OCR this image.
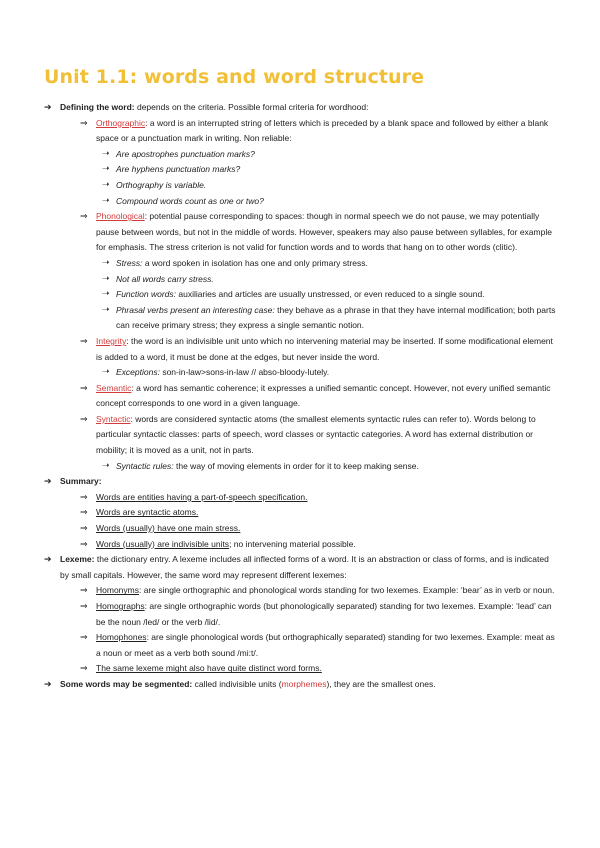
Unit 1.1: words and word structure
➔ Defining the word: depends on the criteria. Possible formal criteria for wordhood:
⇒ Orthographic: a word is an interrupted string of letters which is preceded by a blank space and followed by either a blank space or a punctuation mark in writing. Non reliable:
➝ Are apostrophes punctuation marks?
➝ Are hyphens punctuation marks?
➝ Orthography is variable.
➝ Compound words count as one or two?
⇒ Phonological: potential pause corresponding to spaces: though in normal speech we do not pause, we may potentially pause between words, but not in the middle of words. However, speakers may also pause between syllables, for example for emphasis. The stress criterion is not valid for function words and to words that hang on to other words (clitic).
➝ Stress: a word spoken in isolation has one and only primary stress.
➝ Not all words carry stress.
➝ Function words: auxiliaries and articles are usually unstressed, or even reduced to a single sound.
➝ Phrasal verbs present an interesting case: they behave as a phrase in that they have internal modification; both parts can receive primary stress; they express a single semantic notion.
⇒ Integrity: the word is an indivisible unit unto which no intervening material may be inserted. If some modificational element is added to a word, it must be done at the edges, but never inside the word.
➝ Exceptions: son-in-law>sons-in-law // abso-bloody-lutely.
⇒ Semantic: a word has semantic coherence; it expresses a unified semantic concept. However, not every unified semantic concept corresponds to one word in a given language.
⇒ Syntactic: words are considered syntactic atoms (the smallest elements syntactic rules can refer to). Words belong to particular syntactic classes: parts of speech, word classes or syntactic categories. A word has external distribution or mobility; it is moved as a unit, not in parts.
➝ Syntactic rules: the way of moving elements in order for it to keep making sense.
➔ Summary:
⇒ Words are entities having a part-of-speech specification.
⇒ Words are syntactic atoms.
⇒ Words (usually) have one main stress.
⇒ Words (usually) are indivisible units; no intervening material possible.
➔ Lexeme: the dictionary entry. A lexeme includes all inflected forms of a word. It is an abstraction or class of forms, and is indicated by small capitals. However, the same word may represent different lexemes:
⇒ Homonyms: are single orthographic and phonological words standing for two lexemes. Example: ‘bear’ as in verb or noun.
⇒ Homographs: are single orthographic words (but phonologically separated) standing for two lexemes. Example: ‘lead’ can be the noun /led/ or the verb /lid/.
⇒ Homophones: are single phonological words (but orthographically separated) standing for two lexemes. Example: meat as a noun or meet as a verb both sound /mi:t/.
⇒ The same lexeme might also have quite distinct word forms.
➔ Some words may be segmented: called indivisible units (morphemes), they are the smallest ones.
